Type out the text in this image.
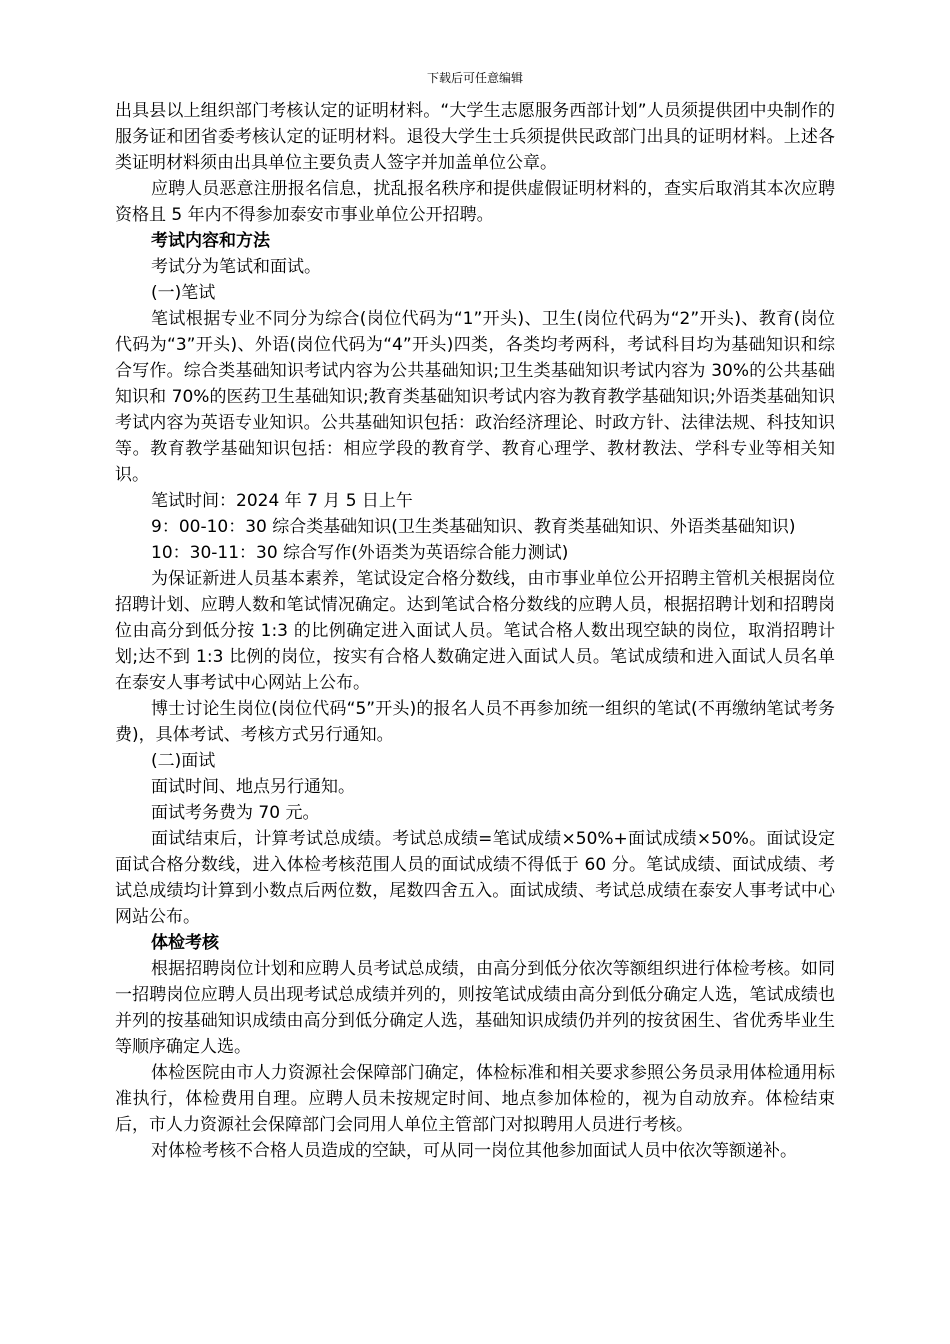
下载后可任意编辑

出具县以上组织部门考核认定的证明材料。“大学生志愿服务西部计划”人员须提供团中央制作的服务证和团省委考核认定的证明材料。退役大学生士兵须提供民政部门出具的证明材料。上述各类证明材料须由出具单位主要负责人签字并加盖单位公章。

应聘人员恶意注册报名信息，扰乱报名秩序和提供虚假证明材料的，查实后取消其本次应聘资格且 5 年内不得参加泰安市事业单位公开招聘。

考试内容和方法

考试分为笔试和面试。

(一)笔试

笔试根据专业不同分为综合(岗位代码为“1”开头)、卫生(岗位代码为“2”开头)、教育(岗位代码为“3”开头)、外语(岗位代码为“4”开头)四类，各类均考两科，考试科目均为基础知识和综合写作。综合类基础知识考试内容为公共基础知识;卫生类基础知识考试内容为 30%的公共基础知识和 70%的医药卫生基础知识;教育类基础知识考试内容为教育教学基础知识;外语类基础知识考试内容为英语专业知识。公共基础知识包括：政治经济理论、时政方针、法律法规、科技知识等。教育教学基础知识包括：相应学段的教育学、教育心理学、教材教法、学科专业等相关知识。

笔试时间：2024 年 7 月 5 日上午

9：00-10：30 综合类基础知识(卫生类基础知识、教育类基础知识、外语类基础知识)

10：30-11：30 综合写作(外语类为英语综合能力测试)

为保证新进人员基本素养，笔试设定合格分数线，由市事业单位公开招聘主管机关根据岗位招聘计划、应聘人数和笔试情况确定。达到笔试合格分数线的应聘人员，根据招聘计划和招聘岗位由高分到低分按 1:3 的比例确定进入面试人员。笔试合格人数出现空缺的岗位，取消招聘计划;达不到 1:3 比例的岗位，按实有合格人数确定进入面试人员。笔试成绩和进入面试人员名单在泰安人事考试中心网站上公布。

博士讨论生岗位(岗位代码“5”开头)的报名人员不再参加统一组织的笔试(不再缴纳笔试考务费)，具体考试、考核方式另行通知。

(二)面试

面试时间、地点另行通知。

面试考务费为 70 元。

面试结束后，计算考试总成绩。考试总成绩=笔试成绩×50%+面试成绩×50%。面试设定面试合格分数线，进入体检考核范围人员的面试成绩不得低于 60 分。笔试成绩、面试成绩、考试总成绩均计算到小数点后两位数，尾数四舍五入。面试成绩、考试总成绩在泰安人事考试中心网站公布。

体检考核

根据招聘岗位计划和应聘人员考试总成绩，由高分到低分依次等额组织进行体检考核。如同一招聘岗位应聘人员出现考试总成绩并列的，则按笔试成绩由高分到低分确定人选，笔试成绩也并列的按基础知识成绩由高分到低分确定人选，基础知识成绩仍并列的按贫困生、省优秀毕业生等顺序确定人选。

体检医院由市人力资源社会保障部门确定，体检标准和相关要求参照公务员录用体检通用标准执行，体检费用自理。应聘人员未按规定时间、地点参加体检的，视为自动放弃。体检结束后，市人力资源社会保障部门会同用人单位主管部门对拟聘用人员进行考核。

对体检考核不合格人员造成的空缺，可从同一岗位其他参加面试人员中依次等额递补。
